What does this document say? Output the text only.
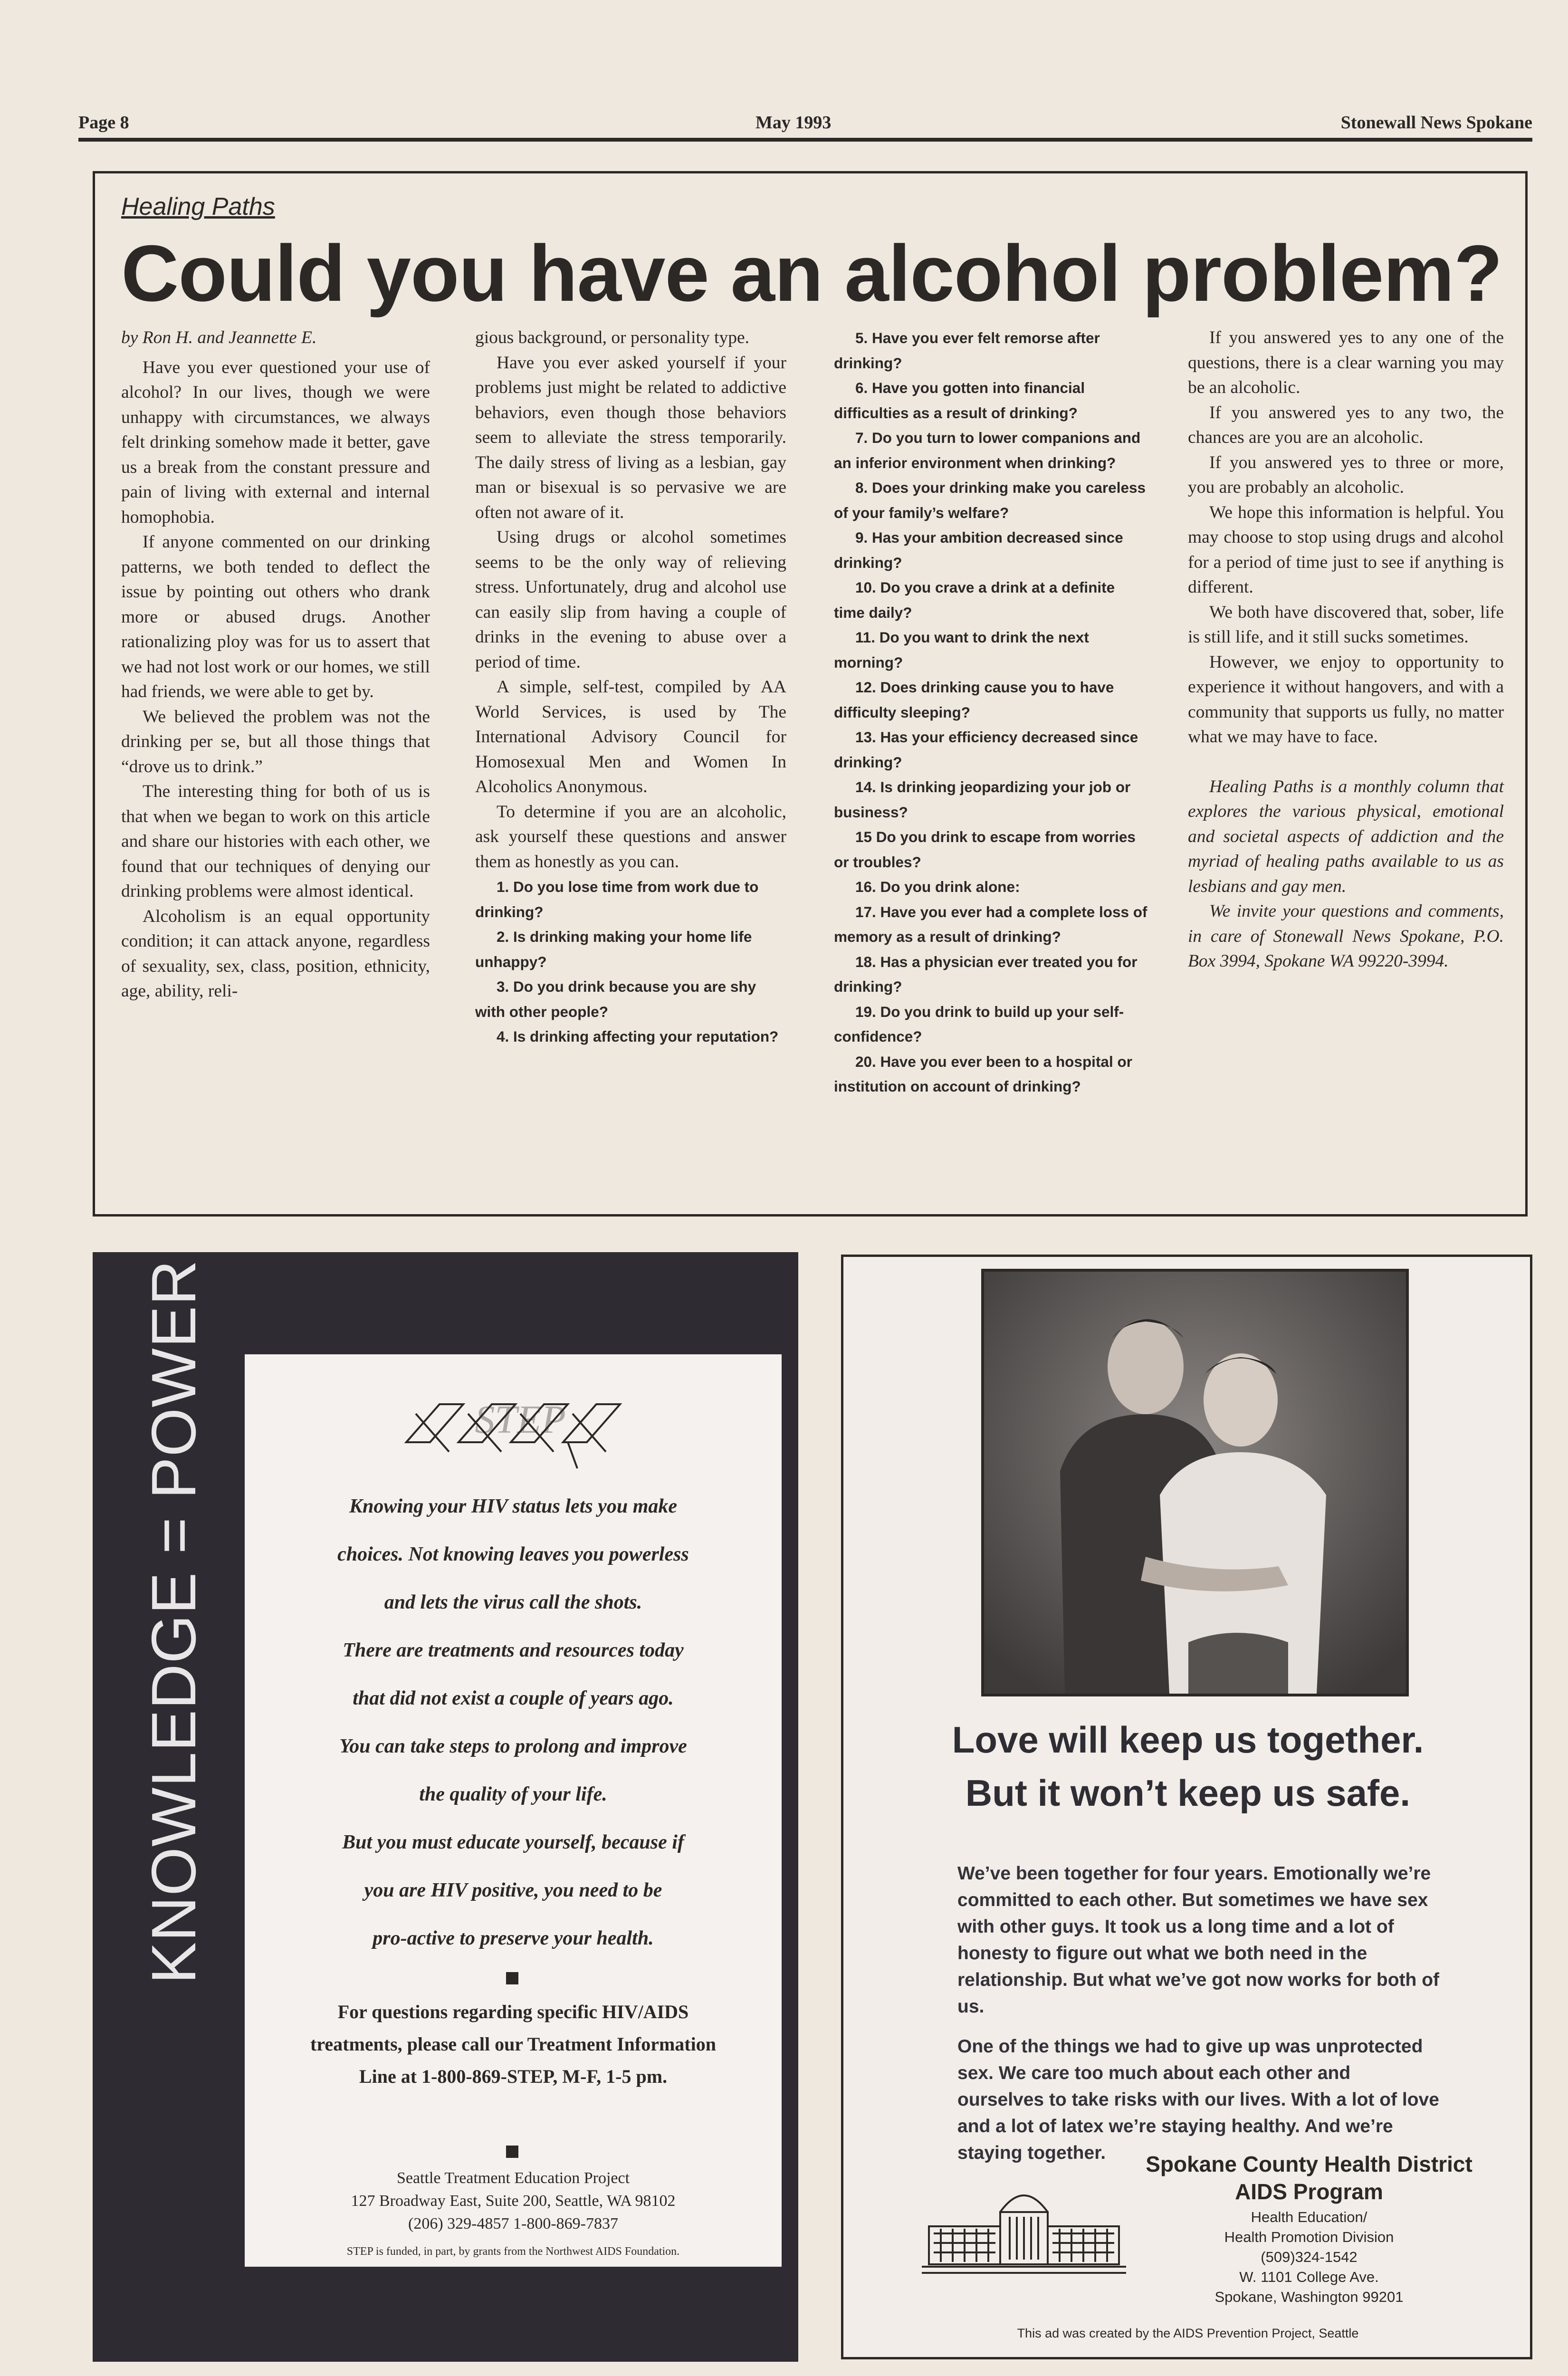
Page 8	May 1993	Stonewall News Spokane
Healing Paths
Could you have an alcohol problem?

by Ron H. and Jeannette E.

Have you ever questioned your use of alcohol? In our lives, though we were unhappy with circumstances, we always felt drinking somehow made it better, gave us a break from the constant pressure and pain of living with external and internal homophobia.

If anyone commented on our drinking patterns, we both tended to deflect the issue by pointing out others who drank more or abused drugs. Another rationalizing ploy was for us to assert that we had not lost work or our homes, we still had friends, we were able to get by.

We believed the problem was not the drinking per se, but all those things that “drove us to drink.”

The interesting thing for both of us is that when we began to work on this article and share our histories with each other, we found that our techniques of denying our drinking problems were almost identical.

Alcoholism is an equal opportunity condition; it can attack anyone, regardless of sexuality, sex, class, position, ethnicity, age, ability, reli-

gious background, or personality type.

Have you ever asked yourself if your problems just might be related to addictive behaviors, even though those behaviors seem to alleviate the stress temporarily. The daily stress of living as a lesbian, gay man or bisexual is so pervasive we are often not aware of it.

Using drugs or alcohol sometimes seems to be the only way of relieving stress. Unfortunately, drug and alcohol use can easily slip from having a couple of drinks in the evening to abuse over a period of time.

A simple, self-test, compiled by AA World Services, is used by The International Advisory Council for Homosexual Men and Women In Alcoholics Anonymous.

To determine if you are an alcoholic, ask yourself these questions and answer them as honestly as you can.

1. Do you lose time from work due to drinking?

2. Is drinking making your home life unhappy?

3. Do you drink because you are shy with other people?

4. Is drinking affecting your reputation?

5. Have you ever felt remorse after drinking?

6. Have you gotten into financial difficulties as a result of drinking?

7. Do you turn to lower companions and an inferior environment when drinking?

8. Does your drinking make you careless of your family’s welfare?

9. Has your ambition decreased since drinking?

10. Do you crave a drink at a definite time daily?

11. Do you want to drink the next morning?

12. Does drinking cause you to have difficulty sleeping?

13. Has your efficiency decreased since drinking?

14. Is drinking jeopardizing your job or business?

15 Do you drink to escape from worries or troubles?

16. Do you drink alone:

17. Have you ever had a complete loss of memory as a result of drinking?

18. Has a physician ever treated you for drinking?

19. Do you drink to build up your self-confidence?

20. Have you ever been to a hospital or institution on account of drinking?

If you answered yes to any one of the questions, there is a clear warning you may be an alcoholic.

If you answered yes to any two, the chances are you are an alcoholic.

If you answered yes to three or more, you are probably an alcoholic.

We hope this information is helpful. You may choose to stop using drugs and alcohol for a period of time just to see if anything is different.

We both have discovered that, sober, life is still life, and it still sucks sometimes.

However, we enjoy to opportunity to experience it without hangovers, and with a community that supports us fully, no matter what we may have to face.

Healing Paths is a monthly column that explores the various physical, emotional and societal aspects of addiction and the myriad of healing paths available to us as lesbians and gay men.

We invite your questions and comments, in care of Stonewall News Spokane, P.O. Box 3994, Spokane WA 99220-3994.

KNOWLEDGE = POWER	STEP

Knowing your HIV status lets you make

choices. Not knowing leaves you powerless

and lets the virus call the shots.

There are treatments and resources today

that did not exist a couple of years ago.

You can take steps to prolong and improve

the quality of your life.

But you must educate yourself, because if

you are HIV positive, you need to be

pro-active to preserve your health.

For questions regarding specific HIV/AIDS
treatments, please call our Treatment Information
Line at 1-800-869-STEP, M-F, 1-5 pm.
Seattle Treatment Education Project
127 Broadway East, Suite 200, Seattle, WA 98102
(206) 329-4857 1-800-869-7837
STEP is funded, in part, by grants from the Northwest AIDS Foundation.
Love will keep us together.
But it won’t keep us safe.

We’ve been together for four years. Emotionally we’re committed to each other. But sometimes we have sex with other guys. It took us a long time and a lot of honesty to figure out what we both need in the relationship. But what we’ve got now works for both of us.

One of the things we had to give up was unprotected sex. We care too much about each other and ourselves to take risks with our lives. With a lot of love and a lot of latex we’re staying healthy. And we’re staying together.	Spokane County Health District
AIDS Program
Health Education/
Health Promotion Division
(509)324-1542
W. 1101 College Ave.
Spokane, Washington 99201
This ad was created by the AIDS Prevention Project, Seattle
